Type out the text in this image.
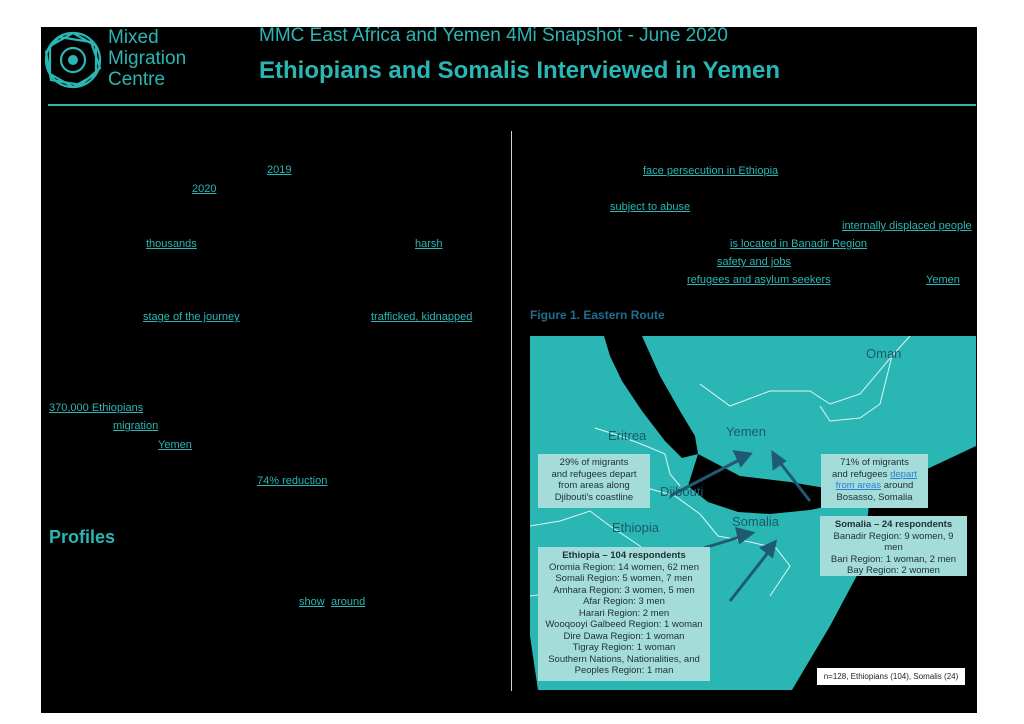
Mixed
Migration
Centre
MMC East Africa and Yemen 4Mi Snapshot - June 2020
Ethiopians and Somalis Interviewed in Yemen
2019
2020
thousands	harsh
stage of the journey	trafficked, kidnapped
370,000 Ethiopians
migration
Yemen
74% reduction
Profiles
show around
face persecution in Ethiopia
subject to abuse
internally displaced people
is located in Banadir Region
safety and jobs
refugees and asylum seekers	Yemen
Figure 1. Eastern Route
Oman
Yemen
Eritrea
Djibouti
Ethiopia	Somalia
29% of migrants
and refugees depart
from areas along
Djibouti's coastline
71% of migrants
and refugees depart
from areas around
Bosasso, Somalia
Somalia – 24 respondents
Banadir Region: 9 women, 9 men
Bari Region: 1 woman, 2 men
Bay Region: 2 women
Ethiopia – 104 respondents
Oromia Region: 14 women, 62 men
Somali Region: 5 women, 7 men
Amhara Region: 3 women, 5 men
Afar Region: 3 men
Harari Region: 2 men
Wooqooyi Galbeed Region: 1 woman
Dire Dawa Region: 1 woman
Tigray Region: 1 woman
Southern Nations, Nationalities, and
Peoples Region: 1 man
n=128, Ethiopians (104), Somalis (24)
